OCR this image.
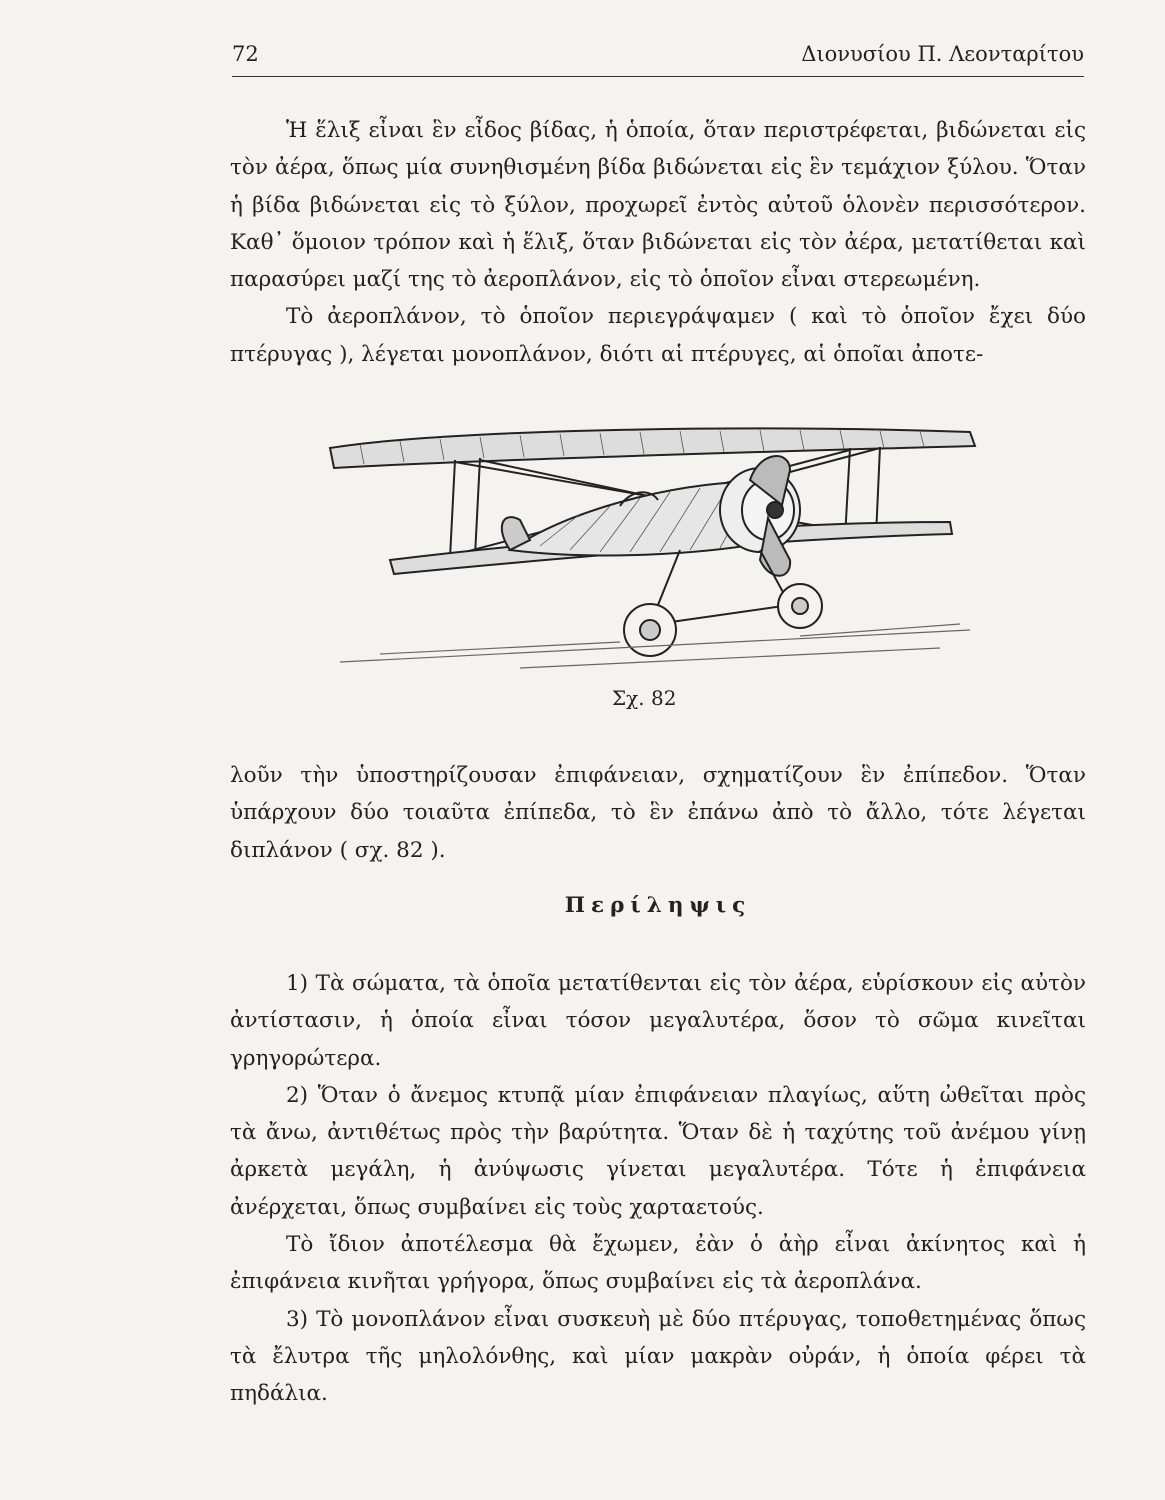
72	Διονυσίου Π. Λεονταρίτου

Ἡ ἕλιξ εἶναι ἓν εἶδος βίδας, ἡ ὁποία, ὅταν περιστρέφεται, βιδώνεται εἰς τὸν ἀέρα, ὅπως μία συνηθισμένη βίδα βιδώνεται εἰς ἓν τεμάχιον ξύλου. Ὅταν ἡ βίδα βιδώνεται εἰς τὸ ξύλον, προχωρεῖ ἐντὸς αὐτοῦ ὁλονὲν περισσότερον. Καθ᾽ ὅμοιον τρόπον καὶ ἡ ἕλιξ, ὅταν βιδώνεται εἰς τὸν ἀέρα, μετατίθεται καὶ παρασύρει μαζί της τὸ ἀεροπλάνον, εἰς τὸ ὁποῖον εἶναι στερεωμένη.

Τὸ ἀεροπλάνον, τὸ ὁποῖον περιεγράψαμεν ( καὶ τὸ ὁποῖον ἔχει δύο πτέρυγας ), λέγεται μονοπλάνον, διότι αἱ πτέρυγες, αἱ ὁποῖαι ἀποτε-

Σχ. 82

λοῦν τὴν ὑποστηρίζουσαν ἐπιφάνειαν, σχηματίζουν ἓν ἐπίπεδον. Ὅταν ὑπάρχουν δύο τοιαῦτα ἐπίπεδα, τὸ ἓν ἐπάνω ἀπὸ τὸ ἄλλο, τότε λέγεται διπλάνον ( σχ. 82 ).

Περίληψις

1) Τὰ σώματα, τὰ ὁποῖα μετατίθενται εἰς τὸν ἀέρα, εὑρίσκουν εἰς αὐτὸν ἀντίστασιν, ἡ ὁποία εἶναι τόσον μεγαλυτέρα, ὅσον τὸ σῶμα κινεῖται γρηγορώτερα.

2) Ὅταν ὁ ἄνεμος κτυπᾷ μίαν ἐπιφάνειαν πλαγίως, αὕτη ὠθεῖται πρὸς τὰ ἄνω, ἀντιθέτως πρὸς τὴν βαρύτητα. Ὅταν δὲ ἡ ταχύτης τοῦ ἀνέμου γίνῃ ἀρκετὰ μεγάλη, ἡ ἀνύψωσις γίνεται μεγαλυτέρα. Τότε ἡ ἐπιφάνεια ἀνέρχεται, ὅπως συμβαίνει εἰς τοὺς χαρταετούς.

Τὸ ἴδιον ἀποτέλεσμα θὰ ἔχωμεν, ἐὰν ὁ ἀὴρ εἶναι ἀκίνητος καὶ ἡ ἐπιφάνεια κινῆται γρήγορα, ὅπως συμβαίνει εἰς τὰ ἀεροπλάνα.

3) Τὸ μονοπλάνον εἶναι συσκευὴ μὲ δύο πτέρυγας, τοποθετημένας ὅπως τὰ ἔλυτρα τῆς μηλολόνθης, καὶ μίαν μακρὰν οὐράν, ἡ ὁποία φέρει τὰ πηδάλια.
